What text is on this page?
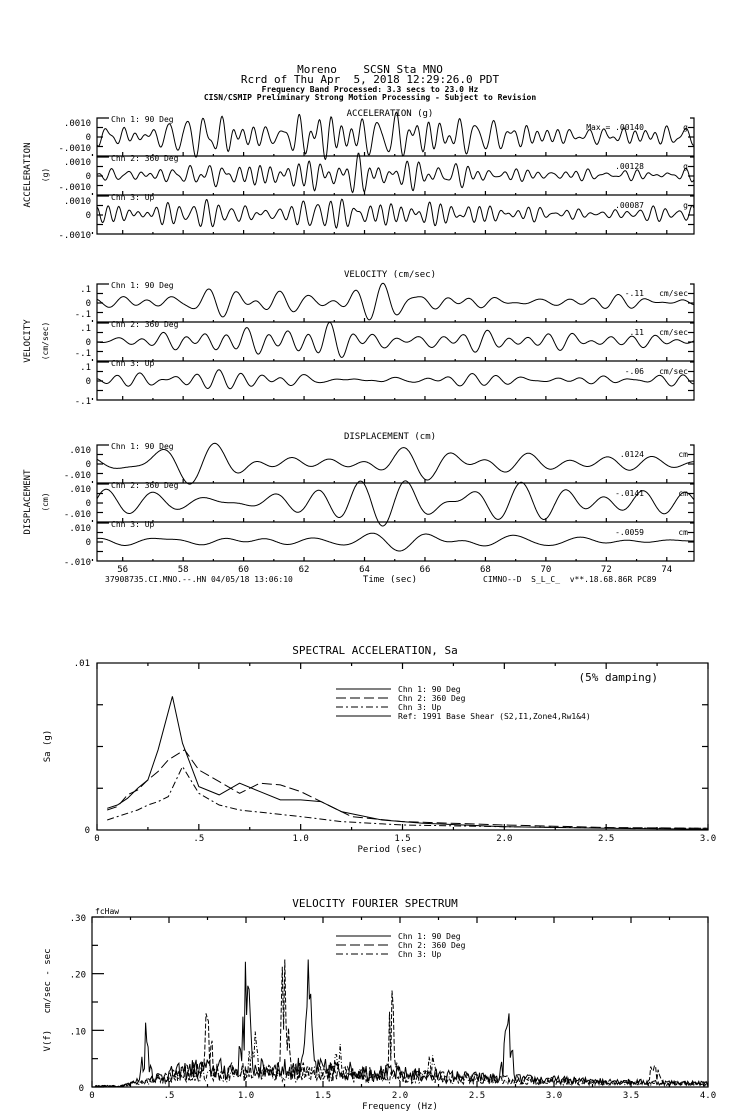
Moreno    SCSN Sta MNO
Rcrd of Thu Apr  5, 2018 12:29:26.0 PDT
Frequency Band Processed: 3.3 secs to 23.0 Hz
CISN/CSMIP Preliminary Strong Motion Processing - Subject to Revision
ACCELERATION (g)
ACCELERATION (g)
Chn 1: 90 Deg
.0010
0
-.0010
Max = .00140	g
Chn 2: 360 Deg
.0010
0
-.0010
.00128	g
Chn 3: Up
.0010
0
-.0010
.00087	g
VELOCITY (cm/sec)
VELOCITY (cm/sec)
Chn 1: 90 Deg
.1
0
-.1
-.11 cm/sec
Chn 2: 360 Deg
.1
0
-.1
.11 cm/sec
Chn 3: Up
.1
0
-.1
-.06 cm/sec
DISPLACEMENT (cm)
DISPLACEMENT (cm)
Chn 1: 90 Deg
.010
0
-.010
.0124	cm
Chn 2: 360 Deg
.010
0
-.010
-.0141	cm
Chn 3: Up
.010
0
-.010
-.0059	cm
Time (sec)
37908735.CI.MNO.--.HN 04/05/18 13:06:10	CIMNO--D  S_L_C_  v**.18.68.86R PC89
56	58	60	62	64	66	68	70	72	74
SPECTRAL ACCELERATION, Sa
Period (sec)
Sa (g)
(5% damping)
0	.5	1.0	1.5	2.0	2.5	3.0
.01
0
Chn 1: 90 Deg
Chn 2: 360 Deg
Chn 3: Up
Ref: 1991 Base Shear (S2,I1,Zone4,Rw1&4)
VELOCITY FOURIER SPECTRUM
Frequency (Hz)
V(f)   cm/sec - sec
fcHaw
0	.5	1.0	1.5	2.0	2.5	3.0	3.5	4.0
0
.10
.20
.30
Chn 1: 90 Deg
Chn 2: 360 Deg
Chn 3: Up
